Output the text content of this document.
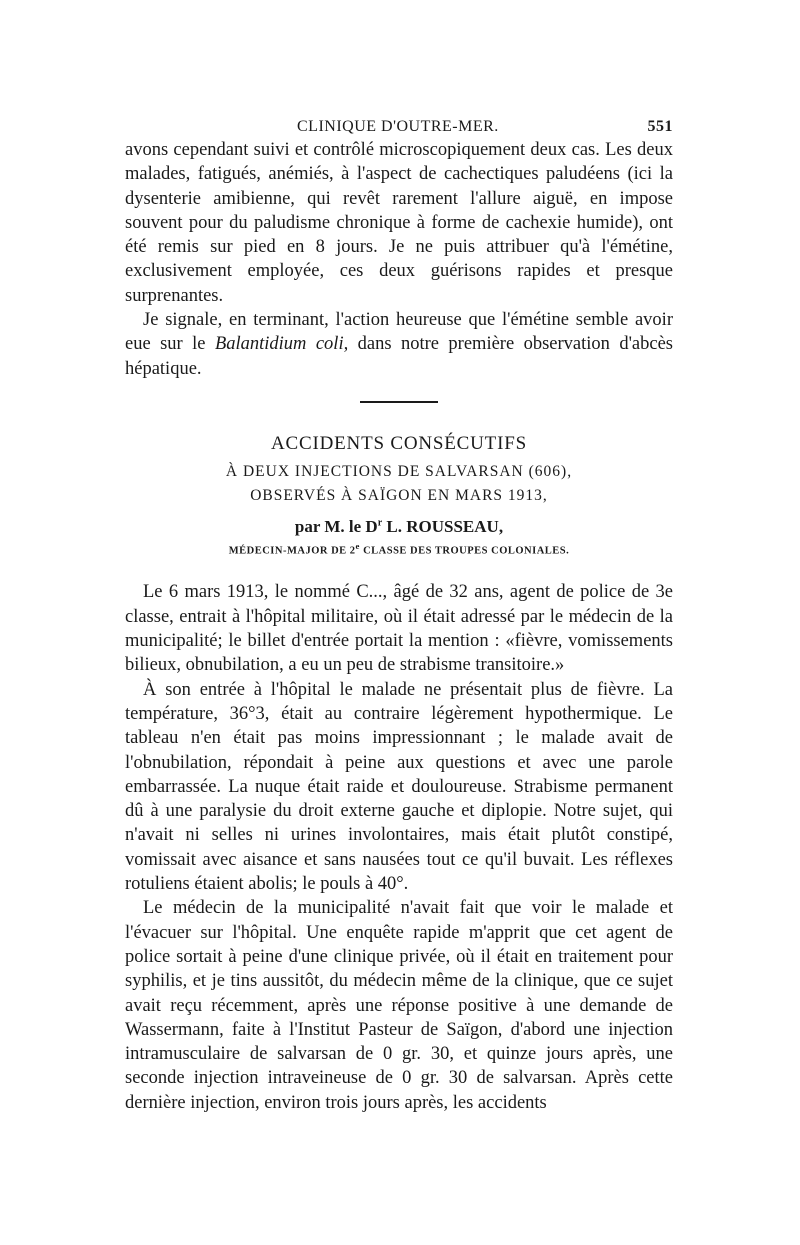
CLINIQUE D'OUTRE-MER.	551

avons cependant suivi et contrôlé microscopiquement deux cas. Les deux malades, fatigués, anémiés, à l'aspect de cachectiques paludéens (ici la dysenterie amibienne, qui revêt rarement l'allure aiguë, en impose souvent pour du paludisme chronique à forme de cachexie humide), ont été remis sur pied en 8 jours. Je ne puis attribuer qu'à l'émétine, exclusivement employée, ces deux guérisons rapides et presque surprenantes.

Je signale, en terminant, l'action heureuse que l'émétine semble avoir eue sur le Balantidium coli, dans notre première observation d'abcès hépatique.

ACCIDENTS CONSÉCUTIFS
À DEUX INJECTIONS DE SALVARSAN (606),
OBSERVÉS À SAÏGON EN MARS 1913,
par M. le $D^r$ L. ROUSSEAU,
MÉDECIN-MAJOR DE 2e CLASSE DES TROUPES COLONIALES.

Le 6 mars 1913, le nommé C..., âgé de 32 ans, agent de police de 3e classe, entrait à l'hôpital militaire, où il était adressé par le médecin de la municipalité; le billet d'entrée portait la mention : «fièvre, vomissements bilieux, obnubilation, a eu un peu de strabisme transitoire.»

À son entrée à l'hôpital le malade ne présentait plus de fièvre. La température, 36°3, était au contraire légèrement hypothermique. Le tableau n'en était pas moins impressionnant ; le malade avait de l'obnubilation, répondait à peine aux questions et avec une parole embarrassée. La nuque était raide et douloureuse. Strabisme permanent dû à une paralysie du droit externe gauche et diplopie. Notre sujet, qui n'avait ni selles ni urines involontaires, mais était plutôt constipé, vomissait avec aisance et sans nausées tout ce qu'il buvait. Les réflexes rotuliens étaient abolis; le pouls à 40°.

Le médecin de la municipalité n'avait fait que voir le malade et l'évacuer sur l'hôpital. Une enquête rapide m'apprit que cet agent de police sortait à peine d'une clinique privée, où il était en traitement pour syphilis, et je tins aussitôt, du médecin même de la clinique, que ce sujet avait reçu récemment, après une réponse positive à une demande de Wassermann, faite à l'Institut Pasteur de Saïgon, d'abord une injection intramusculaire de salvarsan de 0 gr. 30, et quinze jours après, une seconde injection intraveineuse de 0 gr. 30 de salvarsan. Après cette dernière injection, environ trois jours après, les accidents
